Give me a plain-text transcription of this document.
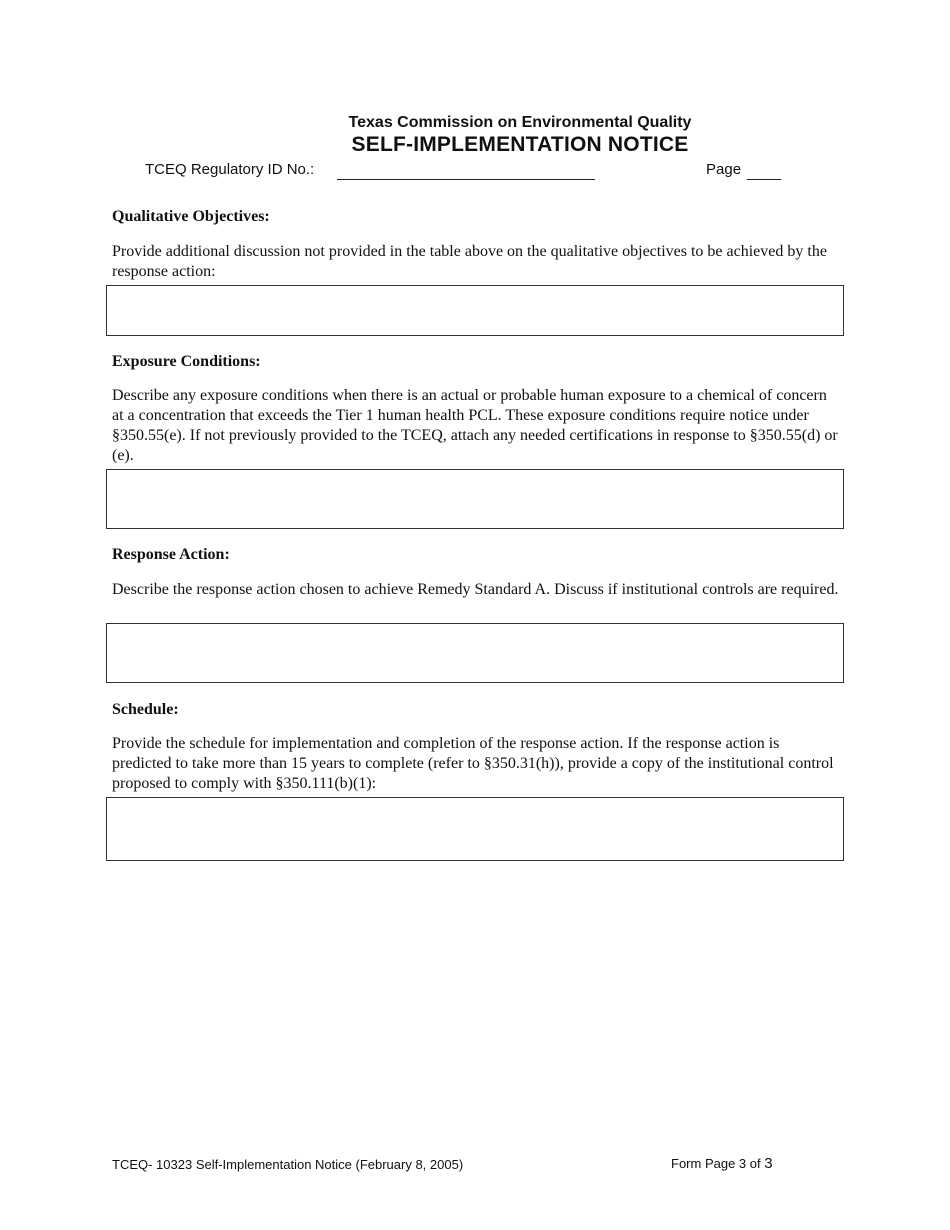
Texas Commission on Environmental Quality
SELF-IMPLEMENTATION NOTICE
TCEQ Regulatory ID No.:	Page
Qualitative Objectives:
Provide additional discussion not provided in the table above on the qualitative objectives to be achieved by the response action:
Exposure Conditions:
Describe any exposure conditions when there is an actual or probable human exposure to a chemical of concern at a concentration that exceeds the Tier 1 human health PCL. These exposure conditions require notice under §350.55(e). If not previously provided to the TCEQ, attach any needed certifications in response to §350.55(d) or (e).
Response Action:
Describe the response action chosen to achieve Remedy Standard A. Discuss if institutional controls are required.
Schedule:
Provide the schedule for implementation and completion of the response action. If the response action is predicted to take more than 15 years to complete (refer to §350.31(h)), provide a copy of the institutional control proposed to comply with §350.111(b)(1):
TCEQ- 10323 Self-Implementation Notice (February 8, 2005)	Form Page 3 of 3
